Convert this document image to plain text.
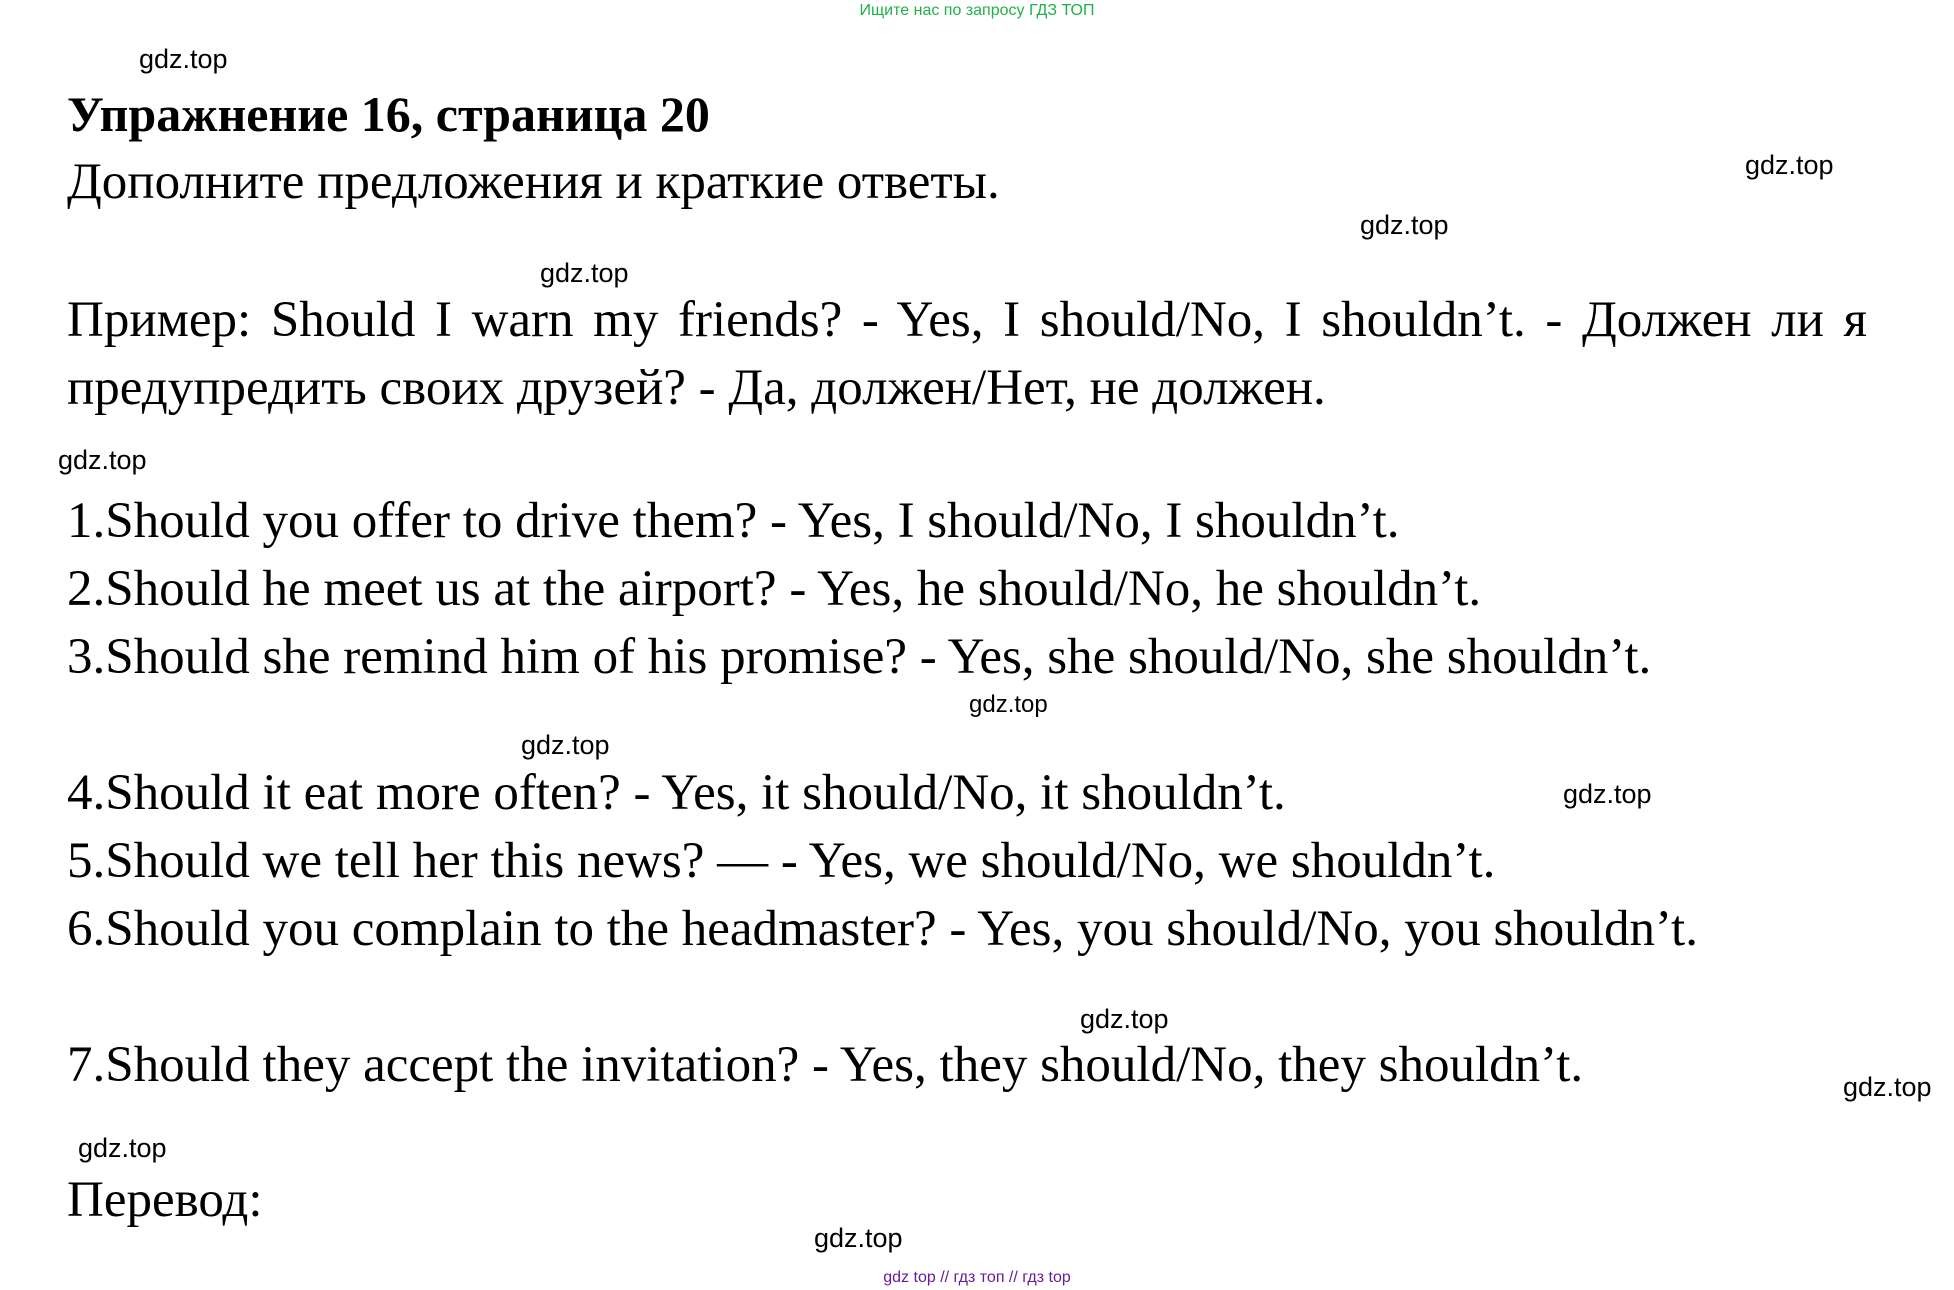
Ищите нас по запросу ГДЗ ТОП
Упражнение 16, страница 20
Дополните предложения и краткие ответы.

Пример: Should I warn my friends? - Yes, I should/No, I shouldn’t. - Должен ли я предупредить своих друзей? - Да, должен/Нет, не должен.

1.Should you offer to drive them? - Yes, I should/No, I shouldn’t.

2.Should he meet us at the airport? - Yes, he should/No, he shouldn’t.

3.Should she remind him of his promise? - Yes, she should/No, she shouldn’t.

4.Should it eat more often? - Yes, it should/No, it shouldn’t.

5.Should we tell her this news? — - Yes, we should/No, we shouldn’t.

6.Should you complain to the headmaster? - Yes, you should/No, you shouldn’t.

7.Should they accept the invitation? - Yes, they should/No, they shouldn’t.

Перевод:
gdz.top
gdz.top
gdz.top
gdz.top
gdz.top
gdz.top
gdz.top
gdz.top
gdz.top
gdz.top
gdz.top
gdz.top
gdz top // гдз топ // гдз top
